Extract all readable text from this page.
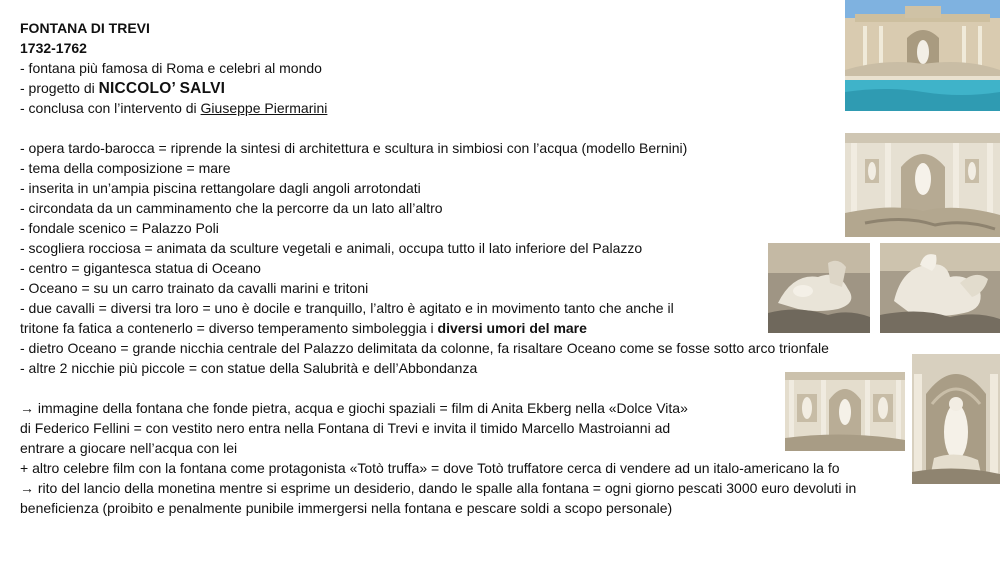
FONTANA DI TREVI
1732-1762
- fontana più famosa di Roma e celebri al mondo
- progetto di NICCOLO’ SALVI
- conclusa con l’intervento di Giuseppe Piermarini
- opera tardo-barocca = riprende la sintesi di architettura e scultura in simbiosi con l’acqua (modello Bernini)
- tema della composizione = mare
- inserita in un’ampia piscina rettangolare dagli angoli arrotondati
- circondata da un camminamento che la percorre da un lato all’altro
- fondale scenico = Palazzo Poli
- scogliera rocciosa = animata da sculture vegetali e animali, occupa tutto il lato inferiore del Palazzo
- centro = gigantesca statua di Oceano
- Oceano = su un carro trainato da cavalli marini e tritoni
- due cavalli = diversi tra loro = uno è docile e tranquillo, l’altro è agitato e in movimento tanto che anche il
tritone fa fatica a contenerlo = diverso temperamento simboleggia i diversi umori del mare
- dietro Oceano = grande nicchia centrale del Palazzo delimitata da colonne, fa risaltare Oceano come se fosse sotto arco trionfale
- altre 2 nicchie più piccole = con statue della Salubrità e dell’Abbondanza
→ immagine della fontana che fonde pietra, acqua e giochi spaziali = film di Anita Ekberg nella «Dolce Vita»
di Federico Fellini = con vestito nero entra nella Fontana di Trevi e invita il timido Marcello Mastroianni ad
entrare a giocare nell’acqua con lei
+ altro celebre film con la fontana come protagonista «Totò truffa» = dove Totò truffatore cerca di vendere ad un italo-americano la fo
→ rito del lancio della monetina mentre si esprime un desiderio, dando le spalle alla fontana = ogni giorno pescati 3000 euro devoluti in
beneficienza (proibito e penalmente punibile immergersi nella fontana e pescare soldi a scopo personale)
